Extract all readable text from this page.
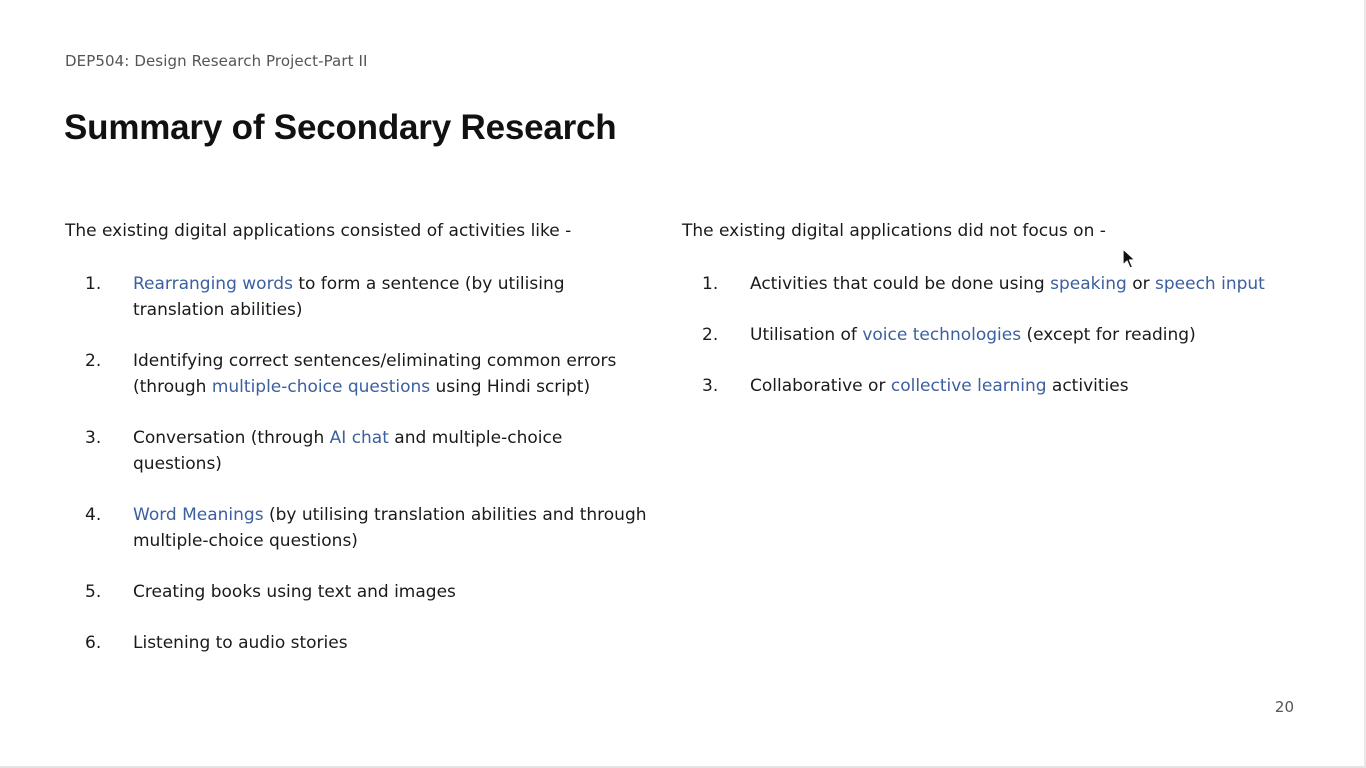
DEP504: Design Research Project-Part II
Summary of Secondary Research

The existing digital applications consisted of activities like -

1. Rearranging words to form a sentence (by utilising translation abilities)
2. Identifying correct sentences/eliminating common errors (through multiple-choice questions using Hindi script)
3. Conversation (through AI chat and multiple-choice questions)
4. Word Meanings (by utilising translation abilities and through multiple-choice questions)
5. Creating books using text and images
6. Listening to audio stories

The existing digital applications did not focus on -

1. Activities that could be done using speaking or speech input
2. Utilisation of voice technologies (except for reading)
3. Collaborative or collective learning activities
20
